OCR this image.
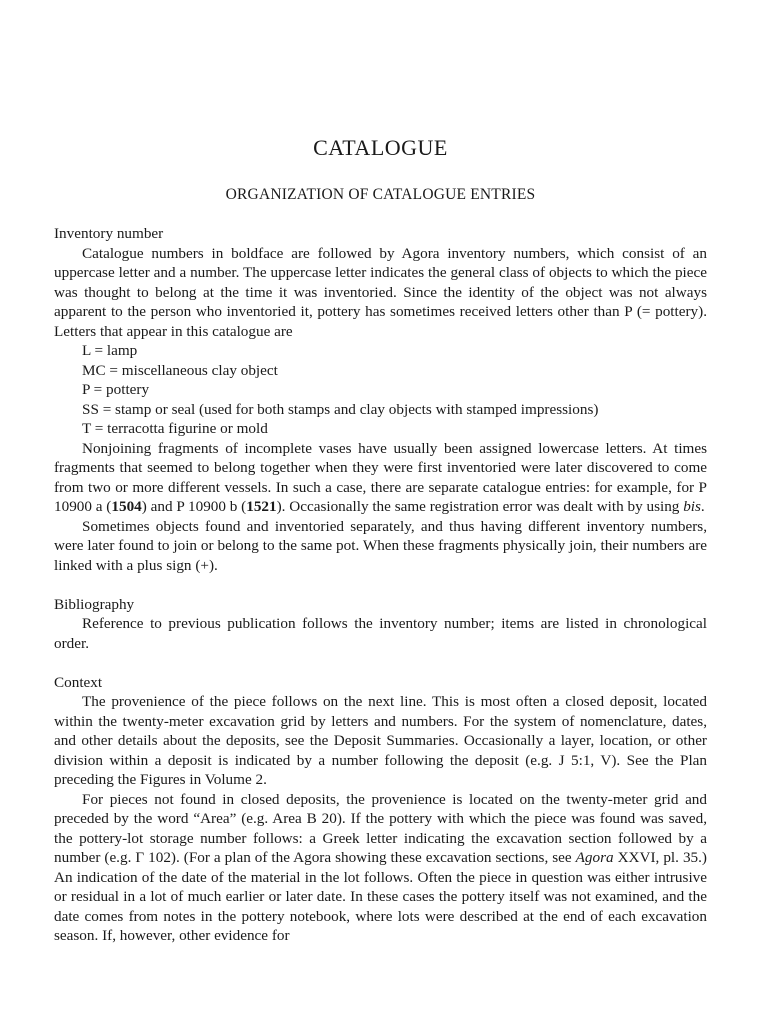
CATALOGUE
ORGANIZATION OF CATALOGUE ENTRIES
Inventory number

Catalogue numbers in boldface are followed by Agora inventory numbers, which consist of an uppercase letter and a number. The uppercase letter indicates the general class of objects to which the piece was thought to belong at the time it was inventoried. Since the identity of the object was not always apparent to the person who inventoried it, pottery has sometimes received letters other than P (= pottery). Letters that appear in this catalogue are

L = lamp
MC = miscellaneous clay object
P = pottery
SS = stamp or seal (used for both stamps and clay objects with stamped impressions)
T = terracotta figurine or mold

Nonjoining fragments of incomplete vases have usually been assigned lowercase letters. At times fragments that seemed to belong together when they were first inventoried were later discovered to come from two or more different vessels. In such a case, there are separate catalogue entries: for example, for P 10900 a (1504) and P 10900 b (1521). Occasionally the same registration error was dealt with by using bis.

Sometimes objects found and inventoried separately, and thus having different inventory numbers, were later found to join or belong to the same pot. When these fragments physically join, their numbers are linked with a plus sign (+).

Bibliography

Reference to previous publication follows the inventory number; items are listed in chronological order.

Context

The provenience of the piece follows on the next line. This is most often a closed deposit, located within the twenty-meter excavation grid by letters and numbers. For the system of nomenclature, dates, and other details about the deposits, see the Deposit Summaries. Occasionally a layer, location, or other division within a deposit is indicated by a number following the deposit (e.g. J 5:1, V). See the Plan preceding the Figures in Volume 2.

For pieces not found in closed deposits, the provenience is located on the twenty-meter grid and preceded by the word “Area” (e.g. Area B 20). If the pottery with which the piece was found was saved, the pottery-lot storage number follows: a Greek letter indicating the excavation section followed by a number (e.g. Γ 102). (For a plan of the Agora showing these excavation sections, see Agora XXVI, pl. 35.) An indication of the date of the material in the lot follows. Often the piece in question was either intrusive or residual in a lot of much earlier or later date. In these cases the pottery itself was not examined, and the date comes from notes in the pottery notebook, where lots were described at the end of each excavation season. If, however, other evidence for
